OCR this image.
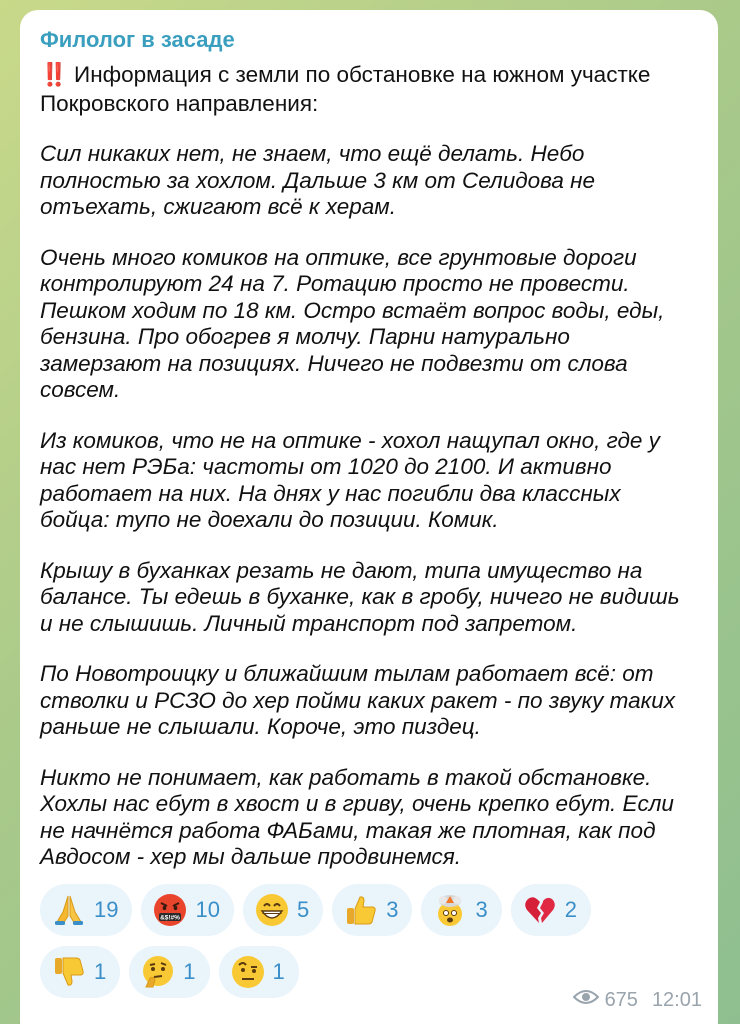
Филолог в засаде
‼️ Информация с земли по обстановке на южном участке Покровского направления:
Сил никаких нет, не знаем, что ещё делать. Небо полностью за хохлом. Дальше 3 км от Селидова не отъехать, сжигают всё к херам.
Очень много комиков на оптике, все грунтовые дороги контролируют 24 на 7. Ротацию просто не провести. Пешком ходим по 18 км. Остро встаёт вопрос воды, еды, бензина. Про обогрев я молчу. Парни натурально замерзают на позициях. Ничего не подвезти от слова совсем.
Из комиков, что не на оптике - хохол нащупал окно, где у нас нет РЭБа: частоты от 1020 до 2100. И активно работает на них. На днях у нас погибли два классных бойца: тупо не доехали до позиции. Комик.
Крышу в буханках резать не дают, типа имущество на балансе. Ты едешь в буханке, как в гробу, ничего не видишь и не слышишь. Личный транспорт под запретом.
По Новотроицку и ближайшим тылам работает всё: от стволки и РСЗО до хер пойми каких ракет - по звуку таких раньше не слышали. Короче, это пиздец.
Никто не понимает, как работать в такой обстановке. Хохлы нас ебут в хвост и в гриву, очень крепко ебут. Если не начнётся работа ФАБами, такая же плотная, как под Авдосом - хер мы дальше продвинемся.
19	&$!#% 10	5	3	3	2
1	1	1
675 12:01
